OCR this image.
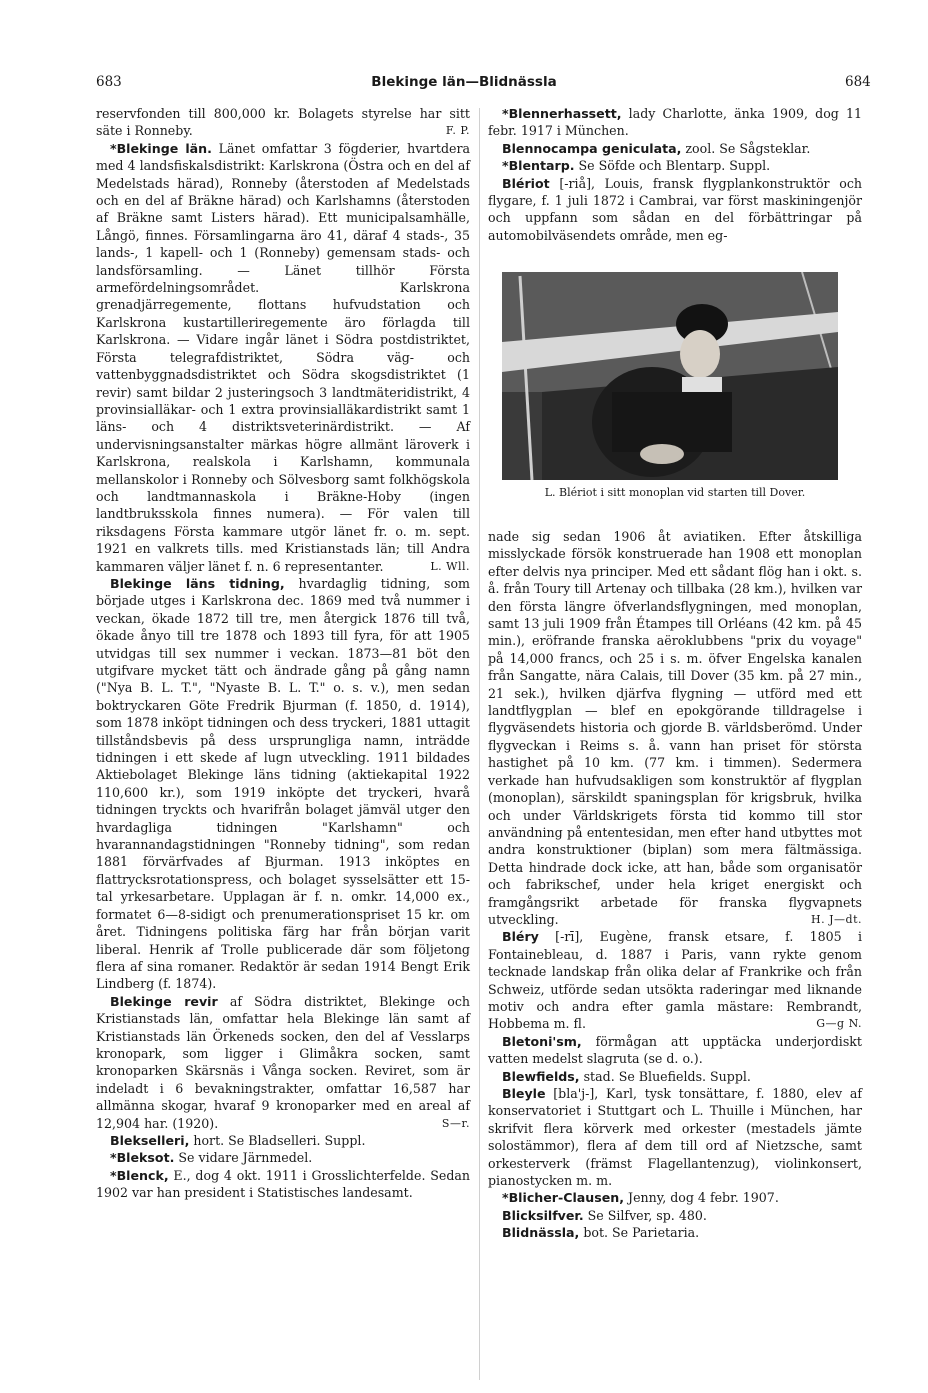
683	Blekinge län—Blidnässla	684

reservfonden till 800,000 kr. Bolagets styrelse har sitt säte i Ronneby.	F. P.

*Blekinge län. Länet omfattar 3 fögderier, hvartdera med 4 landsfiskalsdistrikt: Karlskrona (Östra och en del af Medelstads härad), Ronneby (återstoden af Medelstads och en del af Bräkne härad) och Karlshamns (återstoden af Bräkne samt Listers härad). Ett municipalsamhälle, Långö, finnes. Församlingarna äro 41, däraf 4 stads-, 35 lands-, 1 kapell- och 1 (Ronneby) gemensam stads- och landsförsamling. — Länet tillhör Första armefördelningsområdet. Karlskrona grenadjärregemente, flottans hufvudstation och Karlskrona kustartilleriregemente äro förlagda till Karlskrona. — Vidare ingår länet i Södra postdistriktet, Första telegrafdistriktet, Södra väg- och vattenbyggnadsdistriktet och Södra skogsdistriktet (1 revir) samt bildar 2 justeringsoch 3 landtmäteridistrikt, 4 provinsialläkar- och 1 extra provinsialläkardistrikt samt 1 läns- och 4 distriktsveterinärdistrikt. — Af undervisningsanstalter märkas högre allmänt läroverk i Karlskrona, realskola i Karlshamn, kommunala mellanskolor i Ronneby och Sölvesborg samt folkhögskola och landtmannaskola i Bräkne-Hoby (ingen landtbruksskola finnes numera). — För valen till riksdagens Första kammare utgör länet fr. o. m. sept. 1921 en valkrets tills. med Kristianstads län; till Andra kammaren väljer länet f. n. 6 representanter.	L. Wll.

Blekinge läns tidning, hvardaglig tidning, som började utges i Karlskrona dec. 1869 med två nummer i veckan, ökade 1872 till tre, men återgick 1876 till två, ökade ånyo till tre 1878 och 1893 till fyra, för att 1905 utvidgas till sex nummer i veckan. 1873—81 böt den utgifvare mycket tätt och ändrade gång på gång namn ("Nya B. L. T.", "Nyaste B. L. T." o. s. v.), men sedan boktryckaren Göte Fredrik Bjurman (f. 1850, d. 1914), som 1878 inköpt tidningen och dess tryckeri, 1881 uttagit tillståndsbevis på dess ursprungliga namn, inträdde tidningen i ett skede af lugn utveckling. 1911 bildades Aktiebolaget Blekinge läns tidning (aktiekapital 1922 110,600 kr.), som 1919 inköpte det tryckeri, hvarå tidningen tryckts och hvarifrån bolaget jämväl utger den hvardagliga tidningen "Karlshamn" och hvarannandagstidningen "Ronneby tidning", som redan 1881 förvärfvades af Bjurman. 1913 inköptes en flattrycksrotationspress, och bolaget sysselsätter ett 15-tal yrkesarbetare. Upplagan är f. n. omkr. 14,000 ex., formatet 6—8-sidigt och prenumerationspriset 15 kr. om året. Tidningens politiska färg har från början varit liberal. Henrik af Trolle publicerade där som följetong flera af sina romaner. Redaktör är sedan 1914 Bengt Erik Lindberg (f. 1874).

Blekinge revir af Södra distriktet, Blekinge och Kristianstads län, omfattar hela Blekinge län samt af Kristianstads län Örkeneds socken, den del af Vesslarps kronopark, som ligger i Glimåkra socken, samt kronoparken Skärsnäs i Vånga socken. Reviret, som är indeladt i 6 bevakningstrakter, omfattar 16,587 har allmänna skogar, hvaraf 9 kronoparker med en areal af 12,904 har. (1920).	S—r.

Blekselleri, hort. Se Bladselleri. Suppl.

*Bleksot. Se vidare Järnmedel.

*Blenck, E., dog 4 okt. 1911 i Grosslichterfelde. Sedan 1902 var han president i Statistisches landesamt.

*Blennerhassett, lady Charlotte, änka 1909, dog 11 febr. 1917 i München.

Blennocampa geniculata, zool. Se Sågsteklar.

*Blentarp. Se Söfde och Blentarp. Suppl.

Blériot [-riå], Louis, fransk flygplankonstruktör och flygare, f. 1 juli 1872 i Cambrai, var först maskiningenjör och uppfann som sådan en del förbättringar på automobilväsendets område, men eg-

L. Blériot i sitt monoplan vid starten till Dover.

nade sig sedan 1906 åt aviatiken. Efter åtskilliga misslyckade försök konstruerade han 1908 ett monoplan efter delvis nya principer. Med ett sådant flög han i okt. s. å. från Toury till Artenay och tillbaka (28 km.), hvilken var den första längre öfverlandsflygningen, med monoplan, samt 13 juli 1909 från Étampes till Orléans (42 km. på 45 min.), eröfrande franska aëroklubbens "prix du voyage" på 14,000 francs, och 25 i s. m. öfver Engelska kanalen från Sangatte, nära Calais, till Dover (35 km. på 27 min., 21 sek.), hvilken djärfva flygning — utförd med ett landtflygplan — blef en epokgörande tilldragelse i flygväsendets historia och gjorde B. världsberömd. Under flygveckan i Reims s. å. vann han priset för största hastighet på 10 km. (77 km. i timmen). Sedermera verkade han hufvudsakligen som konstruktör af flygplan (monoplan), särskildt spaningsplan för krigsbruk, hvilka och under Världskrigets första tid kommo till stor användning på ententesidan, men efter hand utbyttes mot andra konstruktioner (biplan) som mera fältmässiga. Detta hindrade dock icke, att han, både som organisatör och fabrikschef, under hela kriget energiskt och framgångsrikt arbetade för franska flygvapnets utveckling.	H. J—dt.

Bléry [-rī], Eugène, fransk etsare, f. 1805 i Fontainebleau, d. 1887 i Paris, vann rykte genom tecknade landskap från olika delar af Frankrike och från Schweiz, utförde sedan utsökta raderingar med liknande motiv och andra efter gamla mästare: Rembrandt, Hobbema m. fl.	G—g N.

Bletoni'sm, förmågan att upptäcka underjordiskt vatten medelst slagruta (se d. o.).

Blewfields, stad. Se Bluefields. Suppl.

Bleyle [bla'j-], Karl, tysk tonsättare, f. 1880, elev af konservatoriet i Stuttgart och L. Thuille i München, har skrifvit flera körverk med orkester (mestadels jämte solostämmor), flera af dem till ord af Nietzsche, samt orkesterverk (främst Flagellantenzug), violinkonsert, pianostycken m. m.

*Blicher-Clausen, Jenny, dog 4 febr. 1907.

Blicksilfver. Se Silfver, sp. 480.

Blidnässla, bot. Se Parietaria.
